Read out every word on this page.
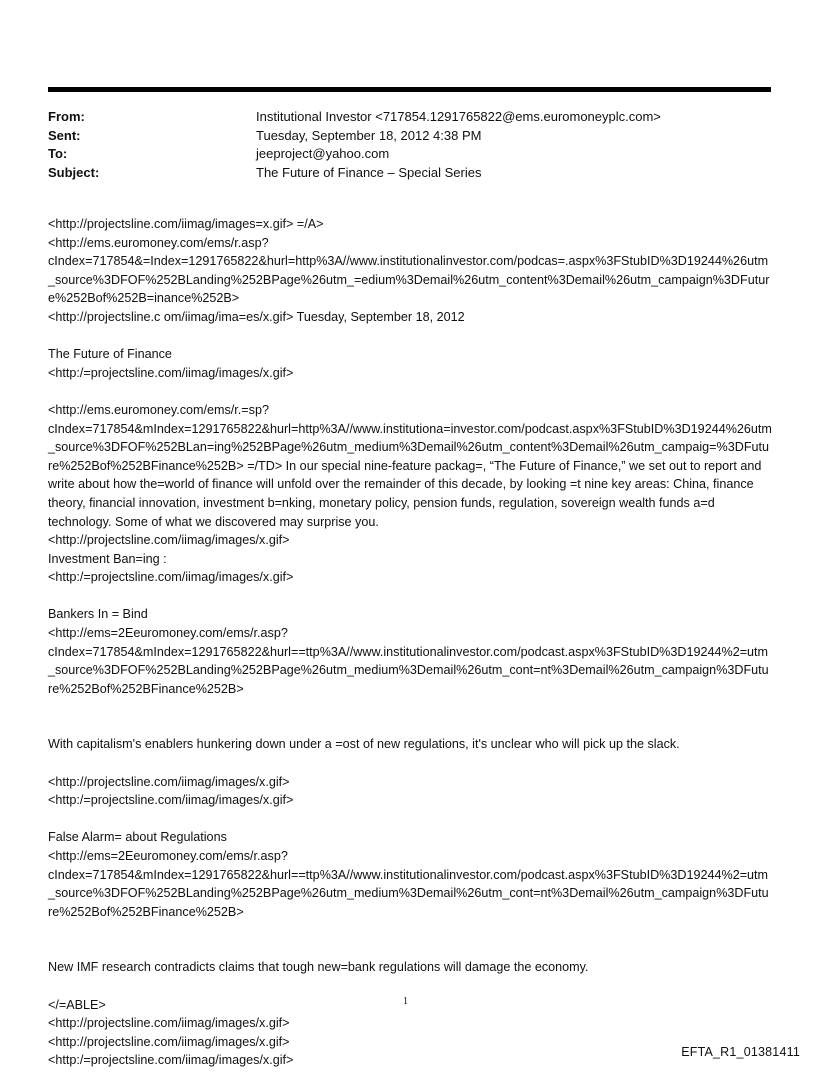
From:	Institutional Investor <717854.1291765822@ems.euromoneyplc.com>
Sent:	Tuesday, September 18, 2012 4:38 PM
To:	jeeproject@yahoo.com
Subject:	The Future of Finance – Special Series

<http://projectsline.com/iimag/images=x.gif> =/A>

<http://ems.euromoney.com/ems/r.asp?cIndex=717854&=Index=1291765822&hurl=http%3A//www.institutionalinvestor.com/podcas=.aspx%3FStubID%3D19244%26utm_source%3DFOF%252BLanding%252BPage%26utm_=edium%3Demail%26utm_content%3Demail%26utm_campaign%3DFuture%252Bof%252B=inance%252B>

<http://projectsline.c om/iimag/ima=es/x.gif> Tuesday, September 18, 2012

The Future of Finance

<http:/=projectsline.com/iimag/images/x.gif>

<http://ems.euromoney.com/ems/r.=sp?cIndex=717854&mIndex=1291765822&hurl=http%3A//www.institutiona=investor.com/podcast.aspx%3FStubID%3D19244%26utm_source%3DFOF%252BLan=ing%252BPage%26utm_medium%3Demail%26utm_content%3Demail%26utm_campaig=%3DFuture%252Bof%252BFinance%252B> =/TD> In our special nine-feature packag=, “The Future of Finance,” we set out to report and write about how the=world of finance will unfold over the remainder of this decade, by looking =t nine key areas: China, finance theory, financial innovation, investment b=nking, monetary policy, pension funds, regulation, sovereign wealth funds a=d technology. Some of what we discovered may surprise you.

<http://projectsline.com/iimag/images/x.gif>

Investment Ban=ing :

<http:/=projectsline.com/iimag/images/x.gif>

Bankers In = Bind

<http://ems=2Eeuromoney.com/ems/r.asp?cIndex=717854&mIndex=1291765822&hurl==ttp%3A//www.institutionalinvestor.com/podcast.aspx%3FStubID%3D19244%2=utm_source%3DFOF%252BLanding%252BPage%26utm_medium%3Demail%26utm_cont=nt%3Demail%26utm_campaign%3DFuture%252Bof%252BFinance%252B>

With capitalism's enablers hunkering down under a =ost of new regulations, it's unclear who will pick up the slack.

<http://projectsline.com/iimag/images/x.gif>

<http:/=projectsline.com/iimag/images/x.gif>

False Alarm= about Regulations

<http://ems=2Eeuromoney.com/ems/r.asp?cIndex=717854&mIndex=1291765822&hurl==ttp%3A//www.institutionalinvestor.com/podcast.aspx%3FStubID%3D19244%2=utm_source%3DFOF%252BLanding%252BPage%26utm_medium%3Demail%26utm_cont=nt%3Demail%26utm_campaign%3DFuture%252Bof%252BFinance%252B>

New IMF research contradicts claims that tough new=bank regulations will damage the economy.

</=ABLE>

<http://projectsline.com/iimag/images/x.gif>

<http://projectsline.com/iimag/images/x.gif>

<http:/=projectsline.com/iimag/images/x.gif>

1
EFTA_R1_01381411
